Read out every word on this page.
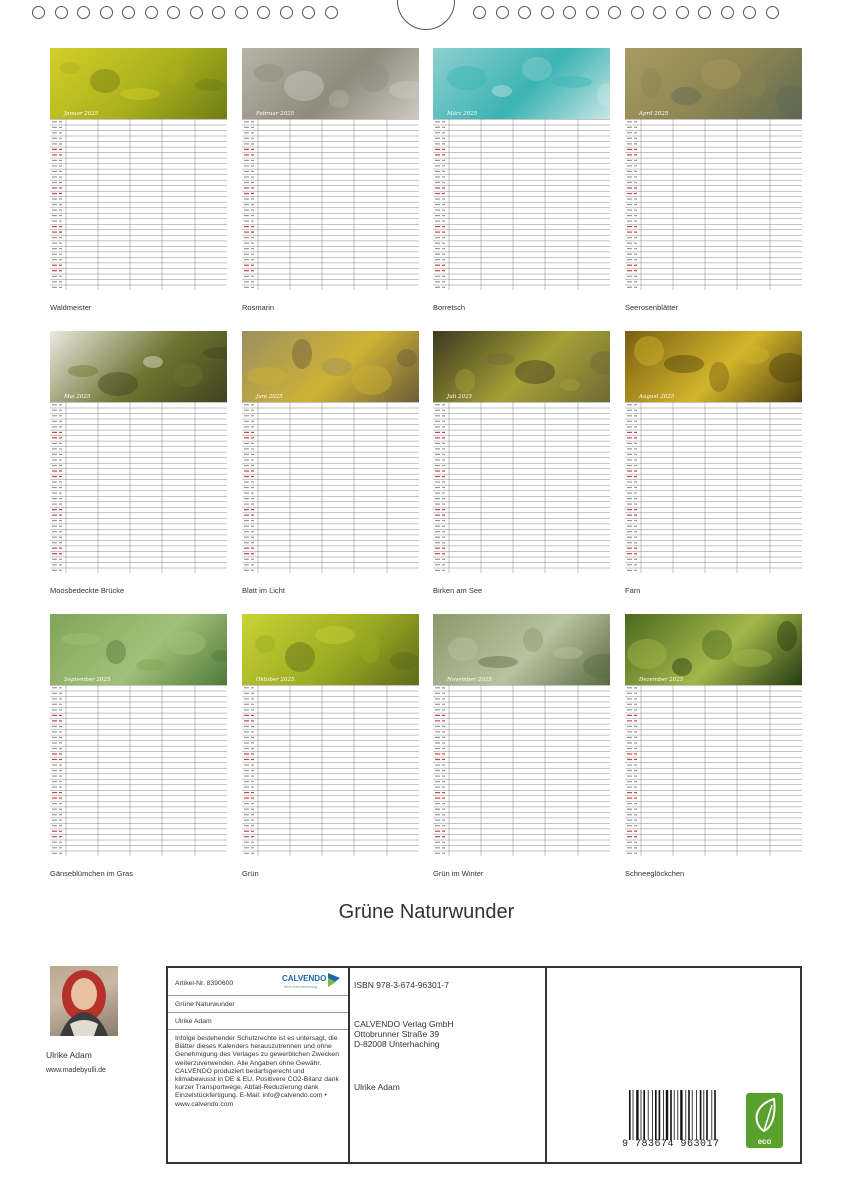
Januar 2025
Waldmeister
Februar 2025
Rosmarin
März 2025
Borretsch
April 2025
Seerosenblätter
Mai 2025
Moosbedeckte Brücke
Juni 2025
Blatt im Licht
Juli 2025
Birken am See
August 2025
Farn
September 2025
Gänseblümchen im Gras
Oktober 2025
Grün
November 2025
Grün im Winter
Dezember 2025
Schneeglöckchen
Grüne Naturwunder
Ulrike Adam
www.madebyulli.de
Artikel-Nr. 8390600
CALVENDO
Mein Kalenderverlag
Grüne Naturwunder
Ulrike Adam
Infolge bestehender Schutzrechte ist es untersagt, die Blätter dieses Kalenders herauszutrennen und ohne Genehmigung des Verlages zu gewerblichen Zwecken weiterzuverwenden. Alle Angaben ohne Gewähr. CALVENDO produziert bedarfsgerecht und klimabewusst in DE & EU. Positivere CO2-Bilanz dank kurzer Transportwege. Abfall-Reduzierung dank Einzelstückfertigung. E-Mail: info@calvendo.com • www.calvendo.com
ISBN 978-3-674-96301-7
CALVENDO Verlag GmbH
Ottobrunner Straße 39
D-82008 Unterhaching
Ulrike Adam
9 783674 963017	eco
